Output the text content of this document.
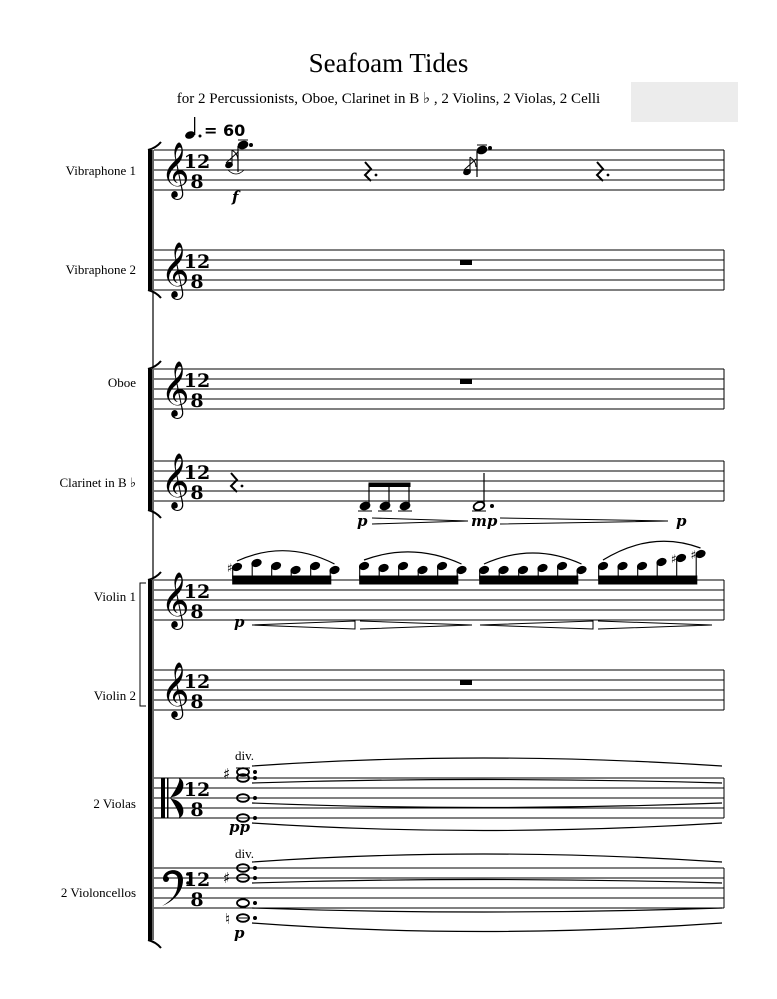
Seafoam Tides
for 2 Percussionists, Oboe, Clarinet in B ♭ , 2 Violins, 2 Violas, 2 Celli
Vibraphone 1
Vibraphone 2
Oboe
Clarinet in B ♭
Violin 1
Violin 2
2 Violas
2 Violoncellos
𝄞
𝄞
𝄞
𝄞
𝄞
𝄞
12
8
12
8
12
8
12
8
12
8
12
8
12
8
12
8
♯
♯ ♯
♯
♯
♮
= 60
f
p	mp	p
p
div.
pp
div.
p
